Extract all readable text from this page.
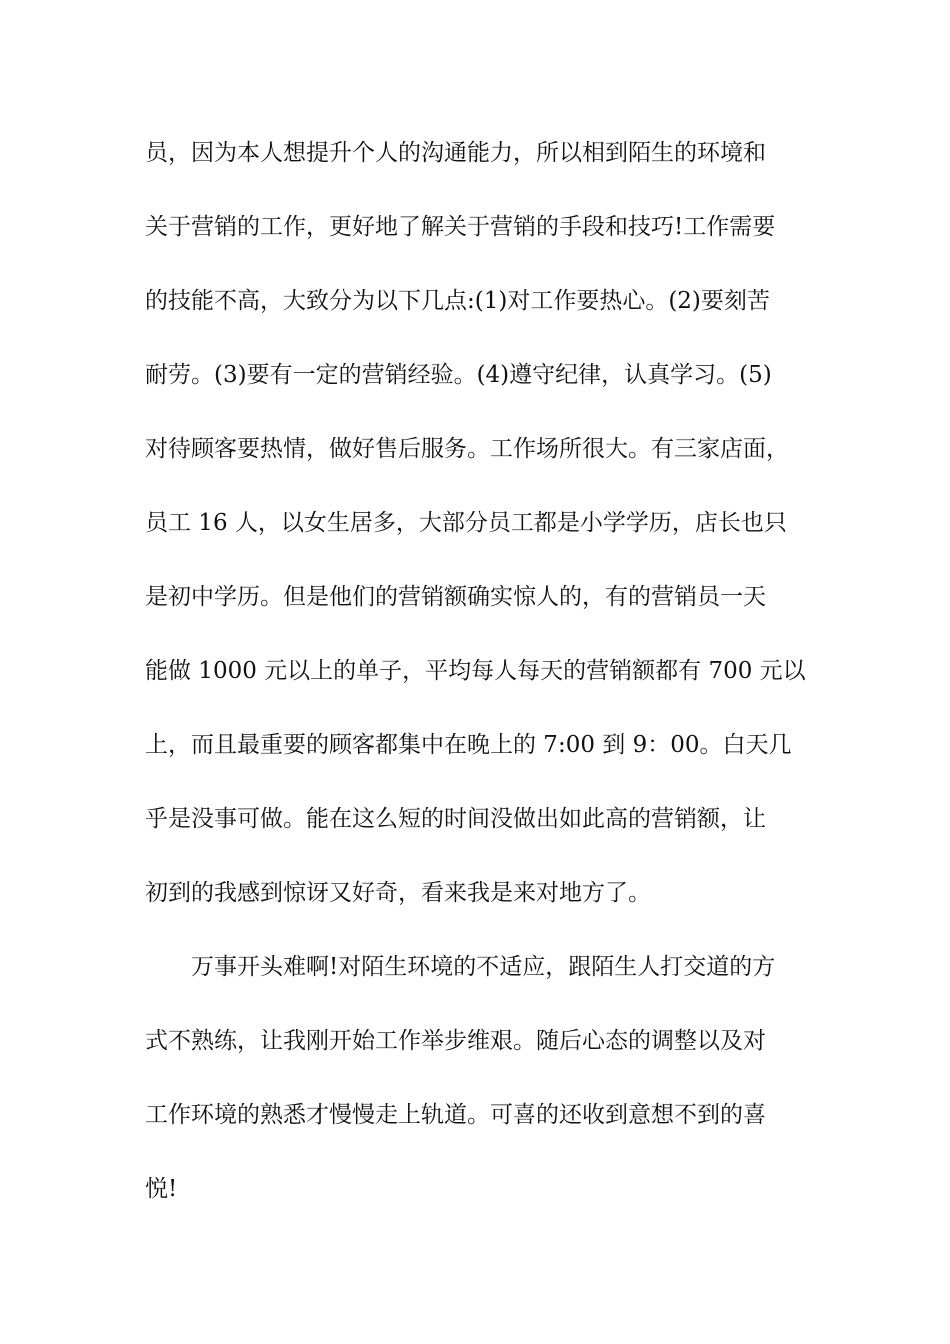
员，因为本人想提升个人的沟通能力，所以相到陌生的环境和
关于营销的工作，更好地了解关于营销的手段和技巧!工作需要
的技能不高，大致分为以下几点:(1)对工作要热心。(2)要刻苦
耐劳。(3)要有一定的营销经验。(4)遵守纪律，认真学习。(5)
对待顾客要热情，做好售后服务。工作场所很大。有三家店面，
员工 16 人，以女生居多，大部分员工都是小学学历，店长也只
是初中学历。但是他们的营销额确实惊人的，有的营销员一天
能做 1000 元以上的单子，平均每人每天的营销额都有 700 元以
上，而且最重要的顾客都集中在晚上的 7:00 到 9：00。白天几
乎是没事可做。能在这么短的时间没做出如此高的营销额，让
初到的我感到惊讶又好奇，看来我是来对地方了。
万事开头难啊!对陌生环境的不适应，跟陌生人打交道的方
式不熟练，让我刚开始工作举步维艰。随后心态的调整以及对
工作环境的熟悉才慢慢走上轨道。可喜的还收到意想不到的喜
悦!
